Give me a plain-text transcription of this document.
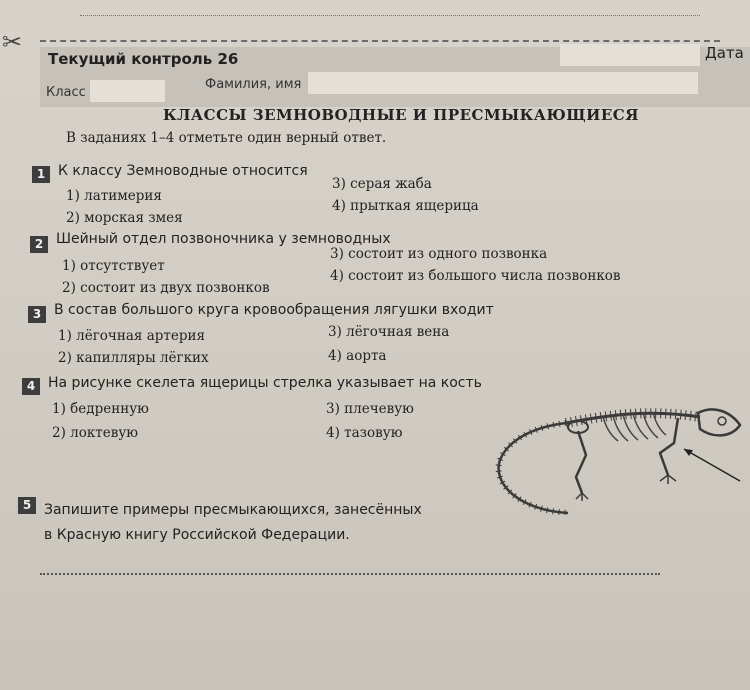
✂
Текущий контроль 26	Дата
Класс
Фамилия, имя
КЛАССЫ ЗЕМНОВОДНЫЕ И ПРЕСМЫКАЮЩИЕСЯ
В заданиях 1–4 отметьте один верный ответ.
1 К классу Земноводные относится
1) латимерия
2) морская змея
3) серая жаба
4) прыткая ящерица
2 Шейный отдел позвоночника у земноводных
1) отсутствует
2) состоит из двух позвонков
3) состоит из одного позвонка
4) состоит из большого числа позвонков
3 В состав большого круга кровообращения лягушки входит
1) лёгочная артерия
2) капилляры лёгких
3) лёгочная вена
4) аорта
4 На рисунке скелета ящерицы стрелка указывает на кость
1) бедренную
2) локтевую
3) плечевую
4) тазовую
5 Запишите примеры пресмыкающихся, занесённых
в Красную книгу Российской Федерации.
